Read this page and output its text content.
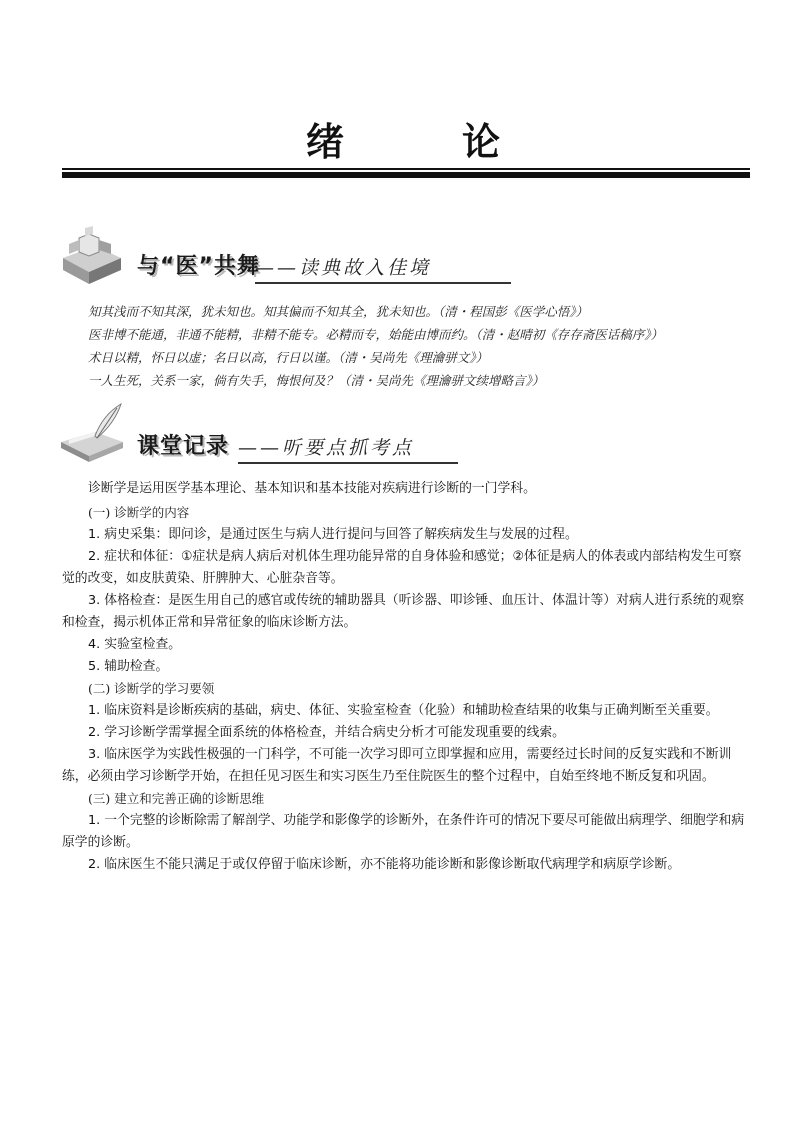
绪论
与“医”共舞
——读典故入佳境
知其浅而不知其深，犹未知也。知其偏而不知其全，犹未知也。（清・程国彭《医学心悟》）
医非博不能通，非通不能精，非精不能专。必精而专，始能由博而约。（清・赵晴初《存存斋医话稿序》）
术日以精，怀日以虚；名日以高，行日以谨。（清・吴尚先《理瀹骈文》）
一人生死，关系一家，倘有失手，悔恨何及？（清・吴尚先《理瀹骈文续增略言》）
课堂记录 ——听要点抓考点

诊断学是运用医学基本理论、基本知识和基本技能对疾病进行诊断的一门学科。

(一) 诊断学的内容

1. 病史采集：即问诊，是通过医生与病人进行提问与回答了解疾病发生与发展的过程。

2. 症状和体征：①症状是病人病后对机体生理功能异常的自身体验和感觉；②体征是病人的体表或内部结构发生可察觉的改变，如皮肤黄染、肝脾肿大、心脏杂音等。

3. 体格检查：是医生用自己的感官或传统的辅助器具（听诊器、叩诊锤、血压计、体温计等）对病人进行系统的观察和检查，揭示机体正常和异常征象的临床诊断方法。

4. 实验室检查。

5. 辅助检查。

(二) 诊断学的学习要领

1. 临床资料是诊断疾病的基础，病史、体征、实验室检查（化验）和辅助检查结果的收集与正确判断至关重要。

2. 学习诊断学需掌握全面系统的体格检查，并结合病史分析才可能发现重要的线索。

3. 临床医学为实践性极强的一门科学，不可能一次学习即可立即掌握和应用，需要经过长时间的反复实践和不断训练，必须由学习诊断学开始，在担任见习医生和实习医生乃至住院医生的整个过程中，自始至终地不断反复和巩固。

(三) 建立和完善正确的诊断思维

1. 一个完整的诊断除需了解剖学、功能学和影像学的诊断外，在条件许可的情况下要尽可能做出病理学、细胞学和病原学的诊断。

2. 临床医生不能只满足于或仅停留于临床诊断，亦不能将功能诊断和影像诊断取代病理学和病原学诊断。
